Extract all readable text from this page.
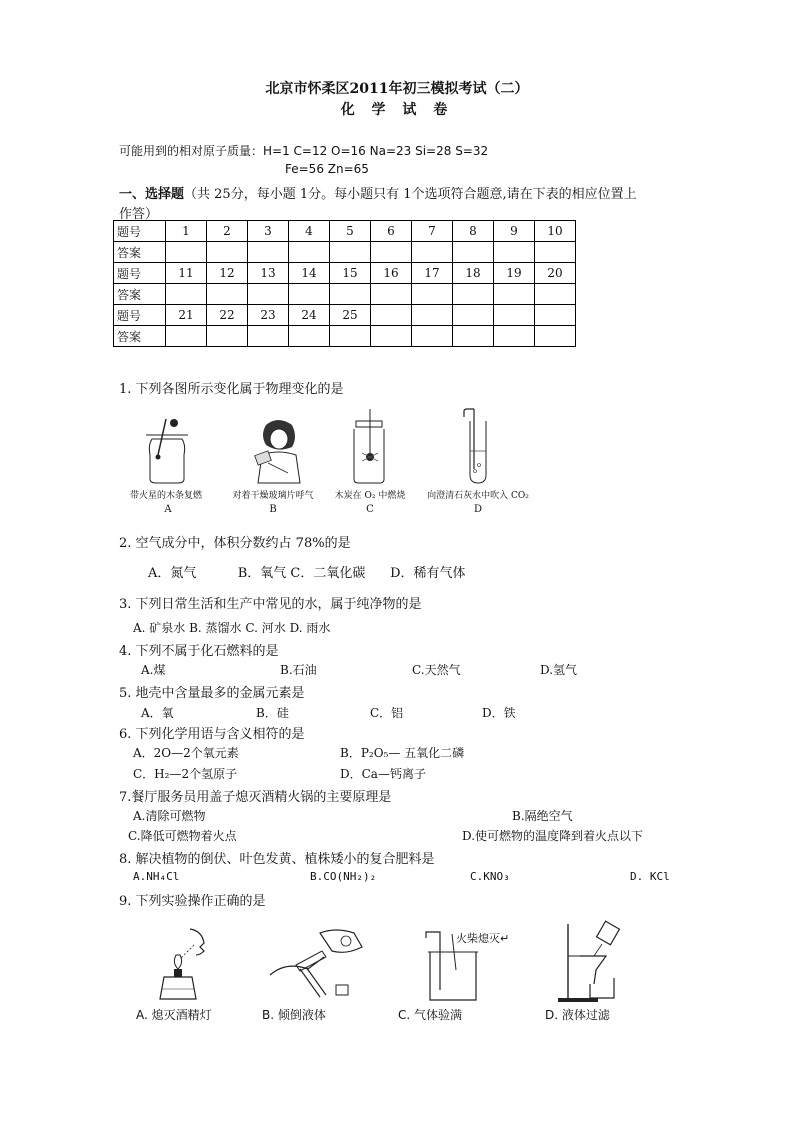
北京市怀柔区2011年初三模拟考试（二）
化 学 试 卷
可能用到的相对原子质量：H=1 C=12 O=16 Na=23 Si=28 S=32
Fe=56 Zn=65
一、选择题（共 25分，每小题 1分。每小题只有 1个选项符合题意,请在下表的相应位置上
作答）
题号	1	2	3	4	5	6	7	8	9	10
答案										
题号	11	12	13	14	15	16	17	18	19	20
答案										
题号	21	22	23	24	25					
答案										
1. 下列各图所示变化属于物理变化的是
带火星的木条复燃	对着干燥玻璃片呼气	木炭在 O₂ 中燃烧	向澄清石灰水中吹入 CO₂
A	B	C	D
2. 空气成分中，体积分数约占 78%的是
A．氮气          B．氧气 C．二氧化碳      D．稀有气体
3. 下列日常生活和生产中常见的水，属于纯净物的是
A. 矿泉水 B. 蒸馏水 C. 河水 D. 雨水
4. 下列不属于化石燃料的是
A.煤	B.石油	C.天然气	D.氢气
5. 地壳中含量最多的金属元素是
A．氧	B．硅	C．铝	D．铁
6. 下列化学用语与含义相符的是
A．2O—2个氧元素	B．P₂O₅— 五氧化二磷
C．H₂—2个氢原子	D．Ca—钙离子
7.餐厅服务员用盖子熄灭酒精火锅的主要原理是
A.清除可燃物	B.隔绝空气
C.降低可燃物着火点	D.使可燃物的温度降到着火点以下
8. 解决植物的倒伏、叶色发黄、植株矮小的复合肥料是
A.NH₄Cl	B.CO(NH₂)₂	C.KNO₃	D. KCl
9. 下列实验操作正确的是
火柴熄灭↵
A. 熄灭酒精灯	B. 倾倒液体	C. 气体验满	D. 液体过滤
